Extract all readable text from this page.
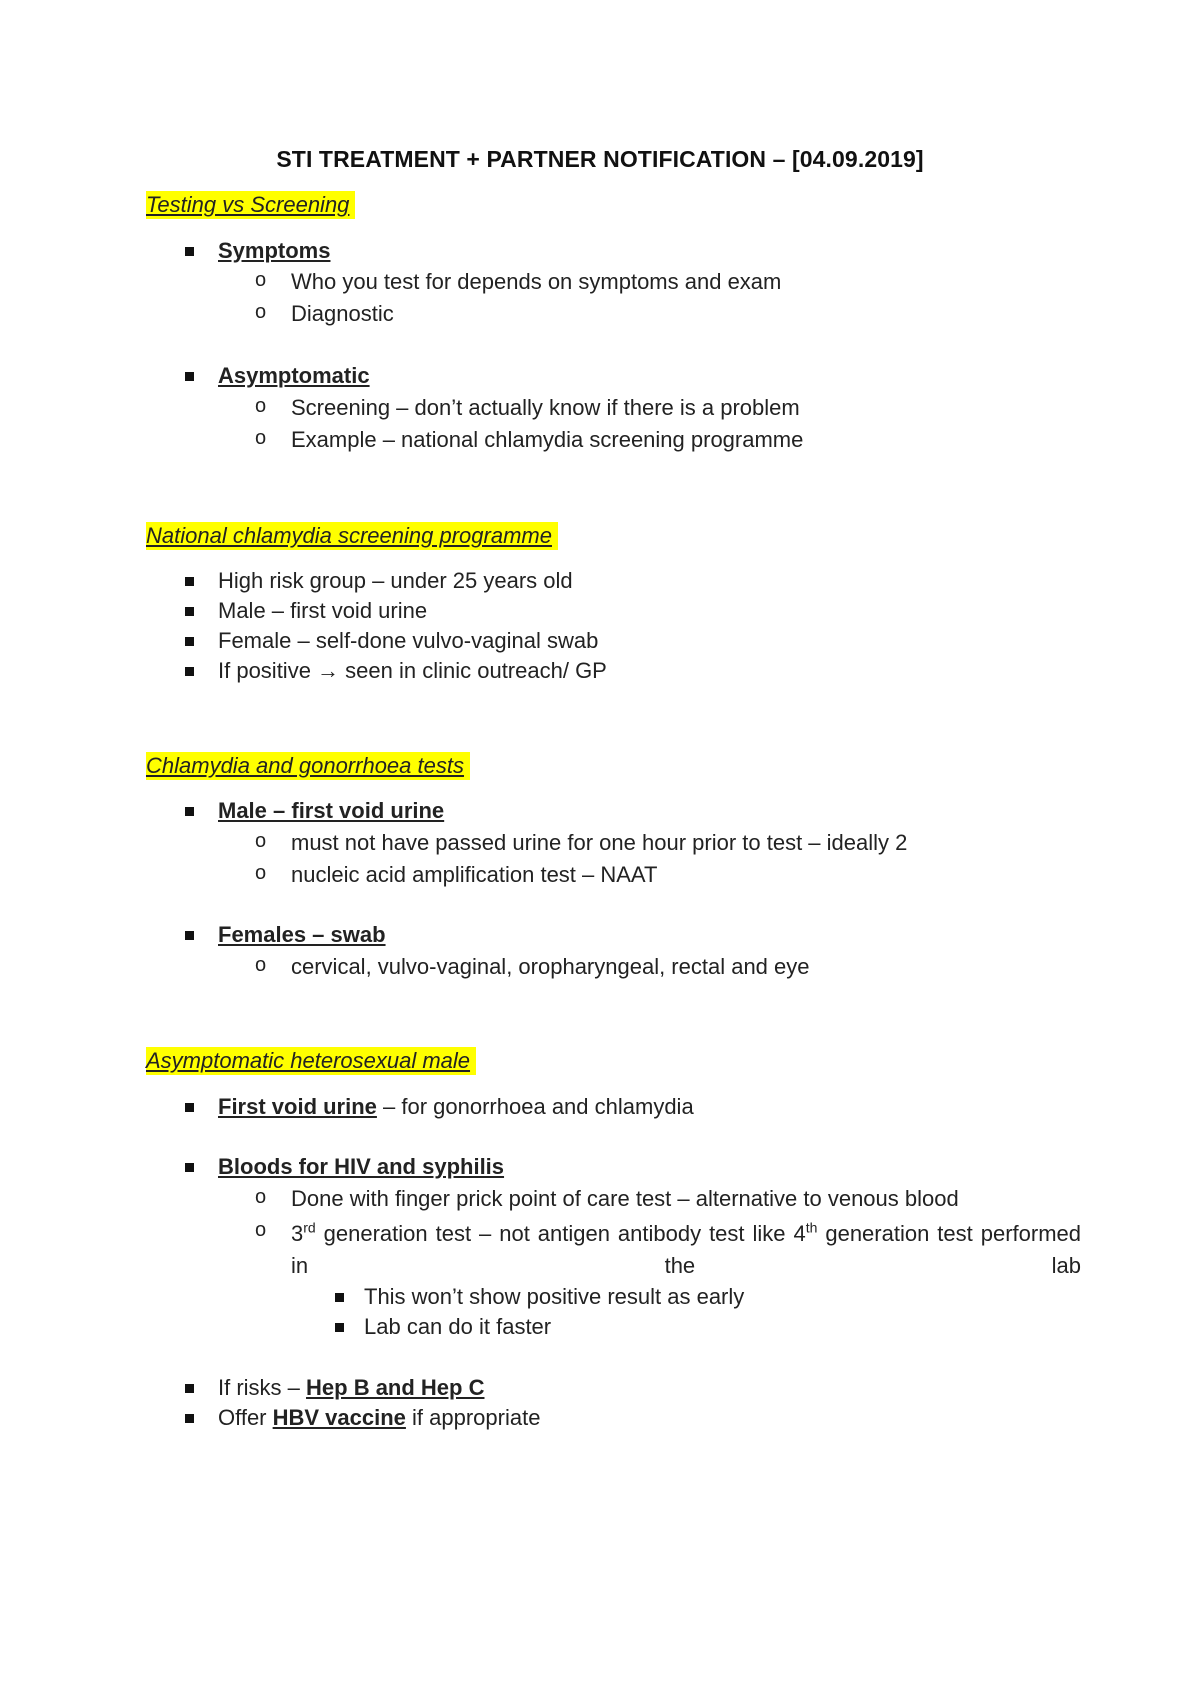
STI TREATMENT + PARTNER NOTIFICATION – [04.09.2019]
Testing vs Screening
Symptoms
o Who you test for depends on symptoms and exam
o Diagnostic
Asymptomatic
o Screening – don’t actually know if there is a problem
o Example – national chlamydia screening programme
National chlamydia screening programme
High risk group – under 25 years old
Male – first void urine
Female – self-done vulvo-vaginal swab
If positive → seen in clinic outreach/ GP
Chlamydia and gonorrhoea tests
Male – first void urine
o must not have passed urine for one hour prior to test – ideally 2
o nucleic acid amplification test – NAAT
Females – swab
o cervical, vulvo-vaginal, oropharyngeal, rectal and eye
Asymptomatic heterosexual male
First void urine – for gonorrhoea and chlamydia
Bloods for HIV and syphilis
o Done with finger prick point of care test – alternative to venous blood
o 3rd generation test – not antigen antibody test like 4th generation test performed in the lab
This won’t show positive result as early
Lab can do it faster
If risks – Hep B and Hep C
Offer HBV vaccine if appropriate
